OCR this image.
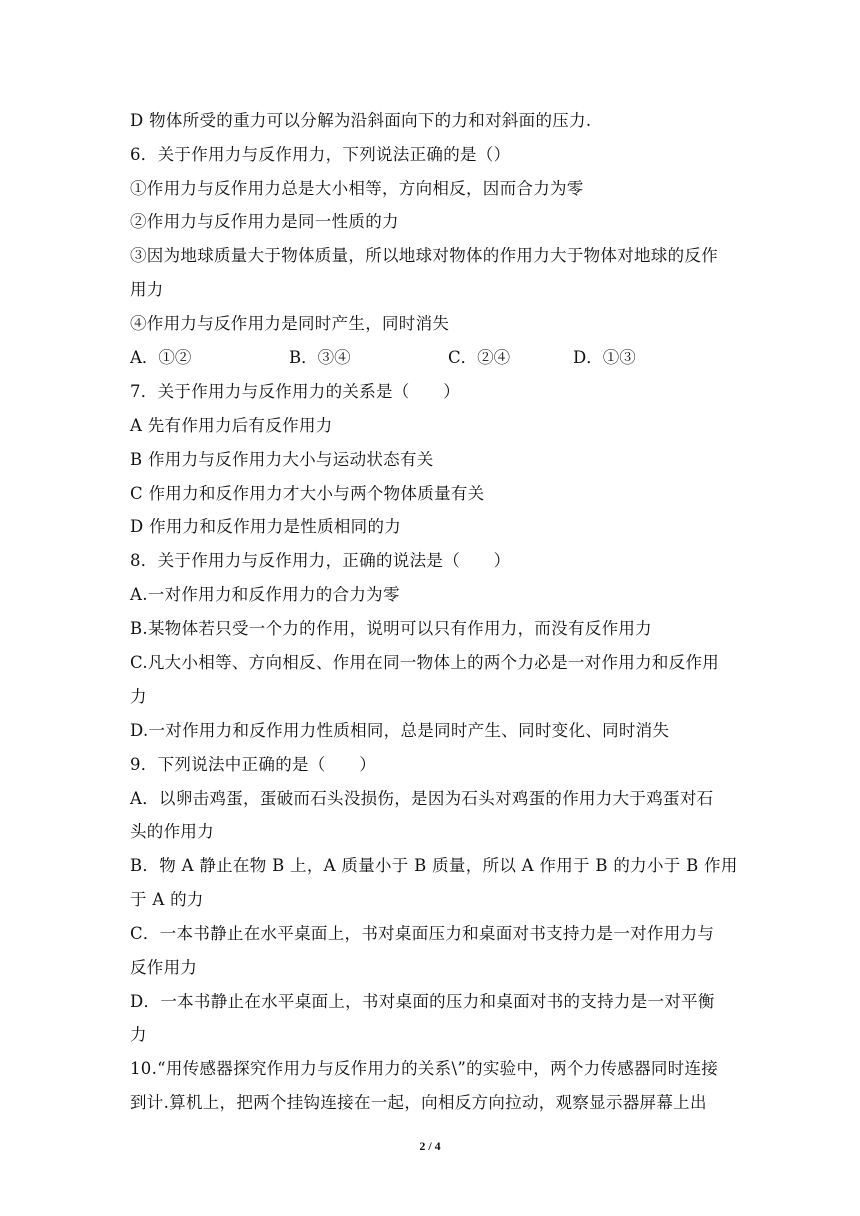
D 物体所受的重力可以分解为沿斜面向下的力和对斜面的压力.
6．关于作用力与反作用力，下列说法正确的是（）
①作用力与反作用力总是大小相等，方向相反，因而合力为零
②作用力与反作用力是同一性质的力
③因为地球质量大于物体质量，所以地球对物体的作用力大于物体对地球的反作
用力
④作用力与反作用力是同时产生，同时消失
A．①②	B．③④	C．②④	D．①③
7．关于作用力与反作用力的关系是（　　）
A 先有作用力后有反作用力
B 作用力与反作用力大小与运动状态有关
C 作用力和反作用力才大小与两个物体质量有关
D 作用力和反作用力是性质相同的力
8．关于作用力与反作用力，正确的说法是（　　）
A.一对作用力和反作用力的合力为零
B.某物体若只受一个力的作用，说明可以只有作用力，而没有反作用力
C.凡大小相等、方向相反、作用在同一物体上的两个力必是一对作用力和反作用
力
D.一对作用力和反作用力性质相同，总是同时产生、同时变化、同时消失
9．下列说法中正确的是（　　）
A．以卵击鸡蛋，蛋破而石头没损伤，是因为石头对鸡蛋的作用力大于鸡蛋对石
头的作用力
B．物 A 静止在物 B 上，A 质量小于 B 质量，所以 A 作用于 B 的力小于 B 作用
于 A 的力
C．一本书静止在水平桌面上，书对桌面压力和桌面对书支持力是一对作用力与
反作用力
D．一本书静止在水平桌面上，书对桌面的压力和桌面对书的支持力是一对平衡
力
10.“用传感器探究作用力与反作用力的关系\”的实验中，两个力传感器同时连接
到计.算机上，把两个挂钩连接在一起，向相反方向拉动，观察显示器屏幕上出
2 / 4
